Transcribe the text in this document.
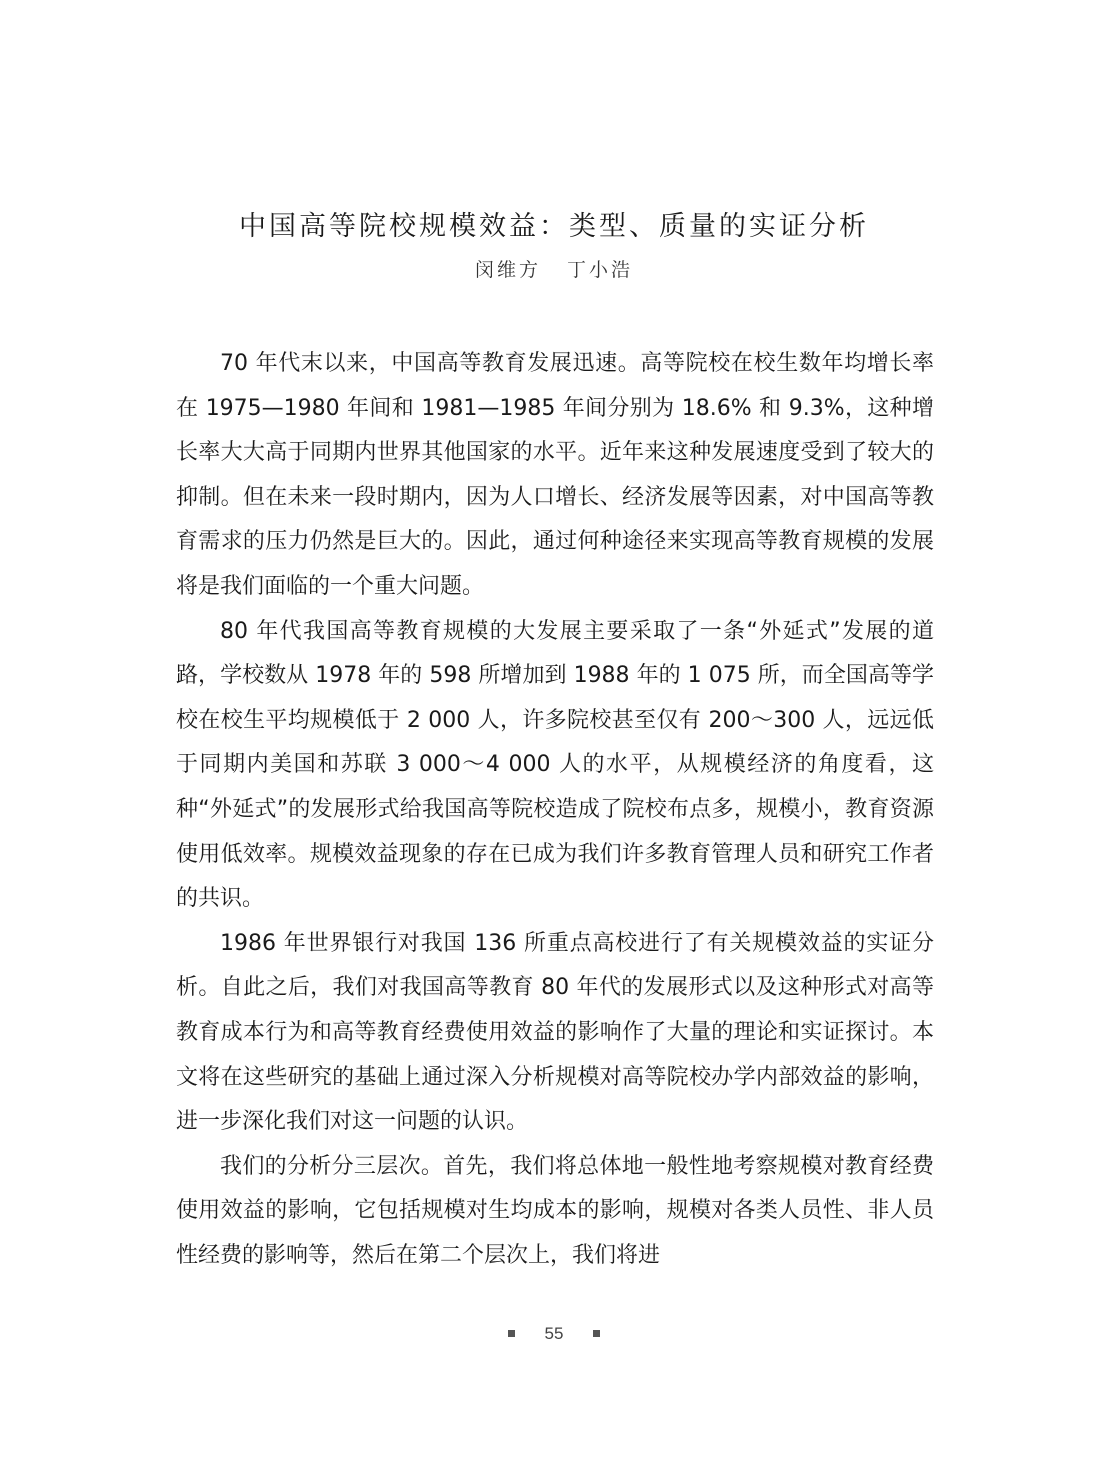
中国高等院校规模效益：类型、质量的实证分析
闵维方 丁小浩

70 年代末以来，中国高等教育发展迅速。高等院校在校生数年均增长率在 1975—1980 年间和 1981—1985 年间分别为 18.6% 和 9.3%，这种增长率大大高于同期内世界其他国家的水平。近年来这种发展速度受到了较大的抑制。但在未来一段时期内，因为人口增长、经济发展等因素，对中国高等教育需求的压力仍然是巨大的。因此，通过何种途径来实现高等教育规模的发展将是我们面临的一个重大问题。

80 年代我国高等教育规模的大发展主要采取了一条“外延式”发展的道路，学校数从 1978 年的 598 所增加到 1988 年的 1 075 所，而全国高等学校在校生平均规模低于 2 000 人，许多院校甚至仅有 200～300 人，远远低于同期内美国和苏联 3 000～4 000 人的水平，从规模经济的角度看，这种“外延式”的发展形式给我国高等院校造成了院校布点多，规模小，教育资源使用低效率。规模效益现象的存在已成为我们许多教育管理人员和研究工作者的共识。

1986 年世界银行对我国 136 所重点高校进行了有关规模效益的实证分析。自此之后，我们对我国高等教育 80 年代的发展形式以及这种形式对高等教育成本行为和高等教育经费使用效益的影响作了大量的理论和实证探讨。本文将在这些研究的基础上通过深入分析规模对高等院校办学内部效益的影响，进一步深化我们对这一问题的认识。

我们的分析分三层次。首先，我们将总体地一般性地考察规模对教育经费使用效益的影响，它包括规模对生均成本的影响，规模对各类人员性、非人员性经费的影响等，然后在第二个层次上，我们将进

55
